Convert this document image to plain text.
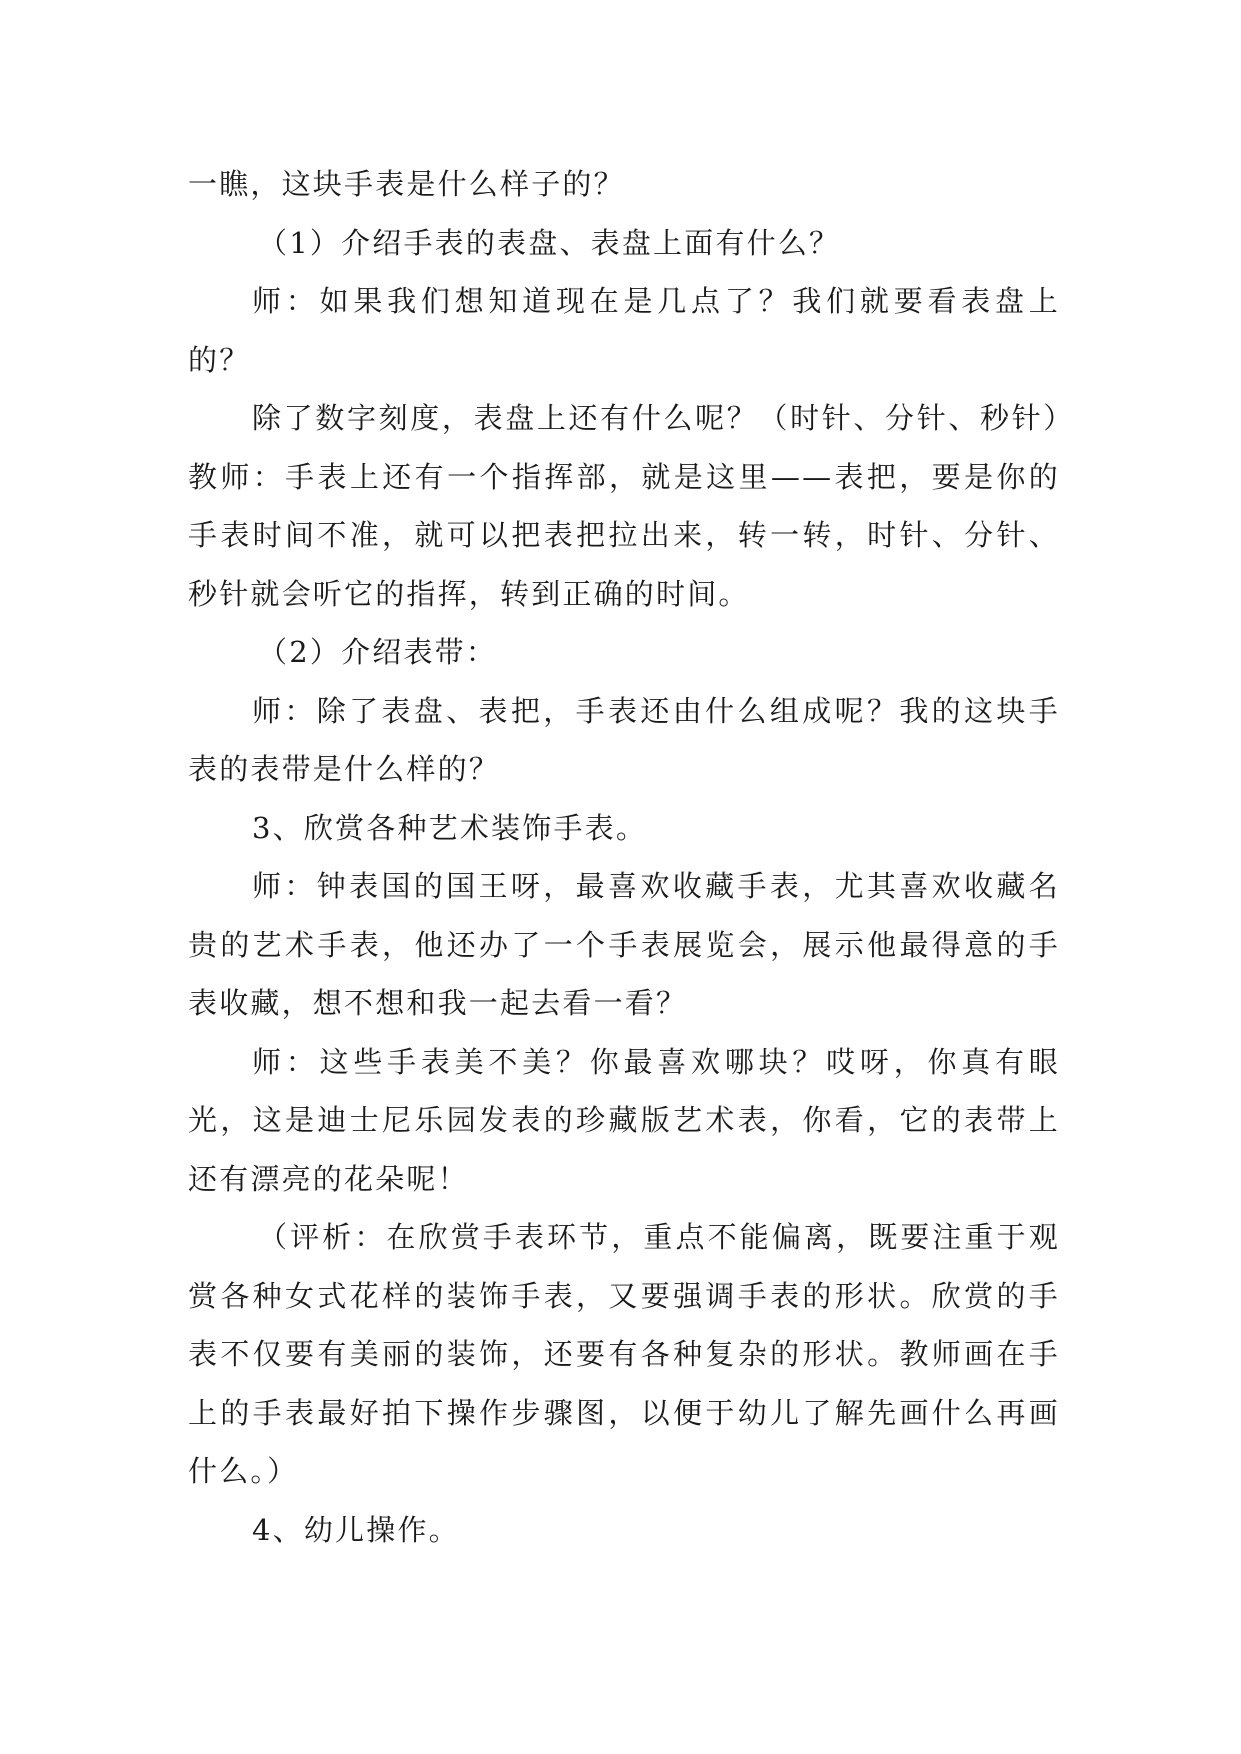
一瞧，这块手表是什么样子的？

（1）介绍手表的表盘、表盘上面有什么？

师：如果我们想知道现在是几点了？我们就要看表盘上的？

除了数字刻度，表盘上还有什么呢？（时针、分针、秒针）教师：手表上还有一个指挥部，就是这里——表把，要是你的手表时间不准，就可以把表把拉出来，转一转，时针、分针、秒针就会听它的指挥，转到正确的时间。

（2）介绍表带：

师：除了表盘、表把，手表还由什么组成呢？我的这块手表的表带是什么样的？

3、欣赏各种艺术装饰手表。

师：钟表国的国王呀，最喜欢收藏手表，尤其喜欢收藏名贵的艺术手表，他还办了一个手表展览会，展示他最得意的手表收藏，想不想和我一起去看一看？

师：这些手表美不美？你最喜欢哪块？哎呀，你真有眼光，这是迪士尼乐园发表的珍藏版艺术表，你看，它的表带上还有漂亮的花朵呢！

（评析：在欣赏手表环节，重点不能偏离，既要注重于观赏各种女式花样的装饰手表，又要强调手表的形状。欣赏的手表不仅要有美丽的装饰，还要有各种复杂的形状。教师画在手上的手表最好拍下操作步骤图，以便于幼儿了解先画什么再画什么。）

4、幼儿操作。
